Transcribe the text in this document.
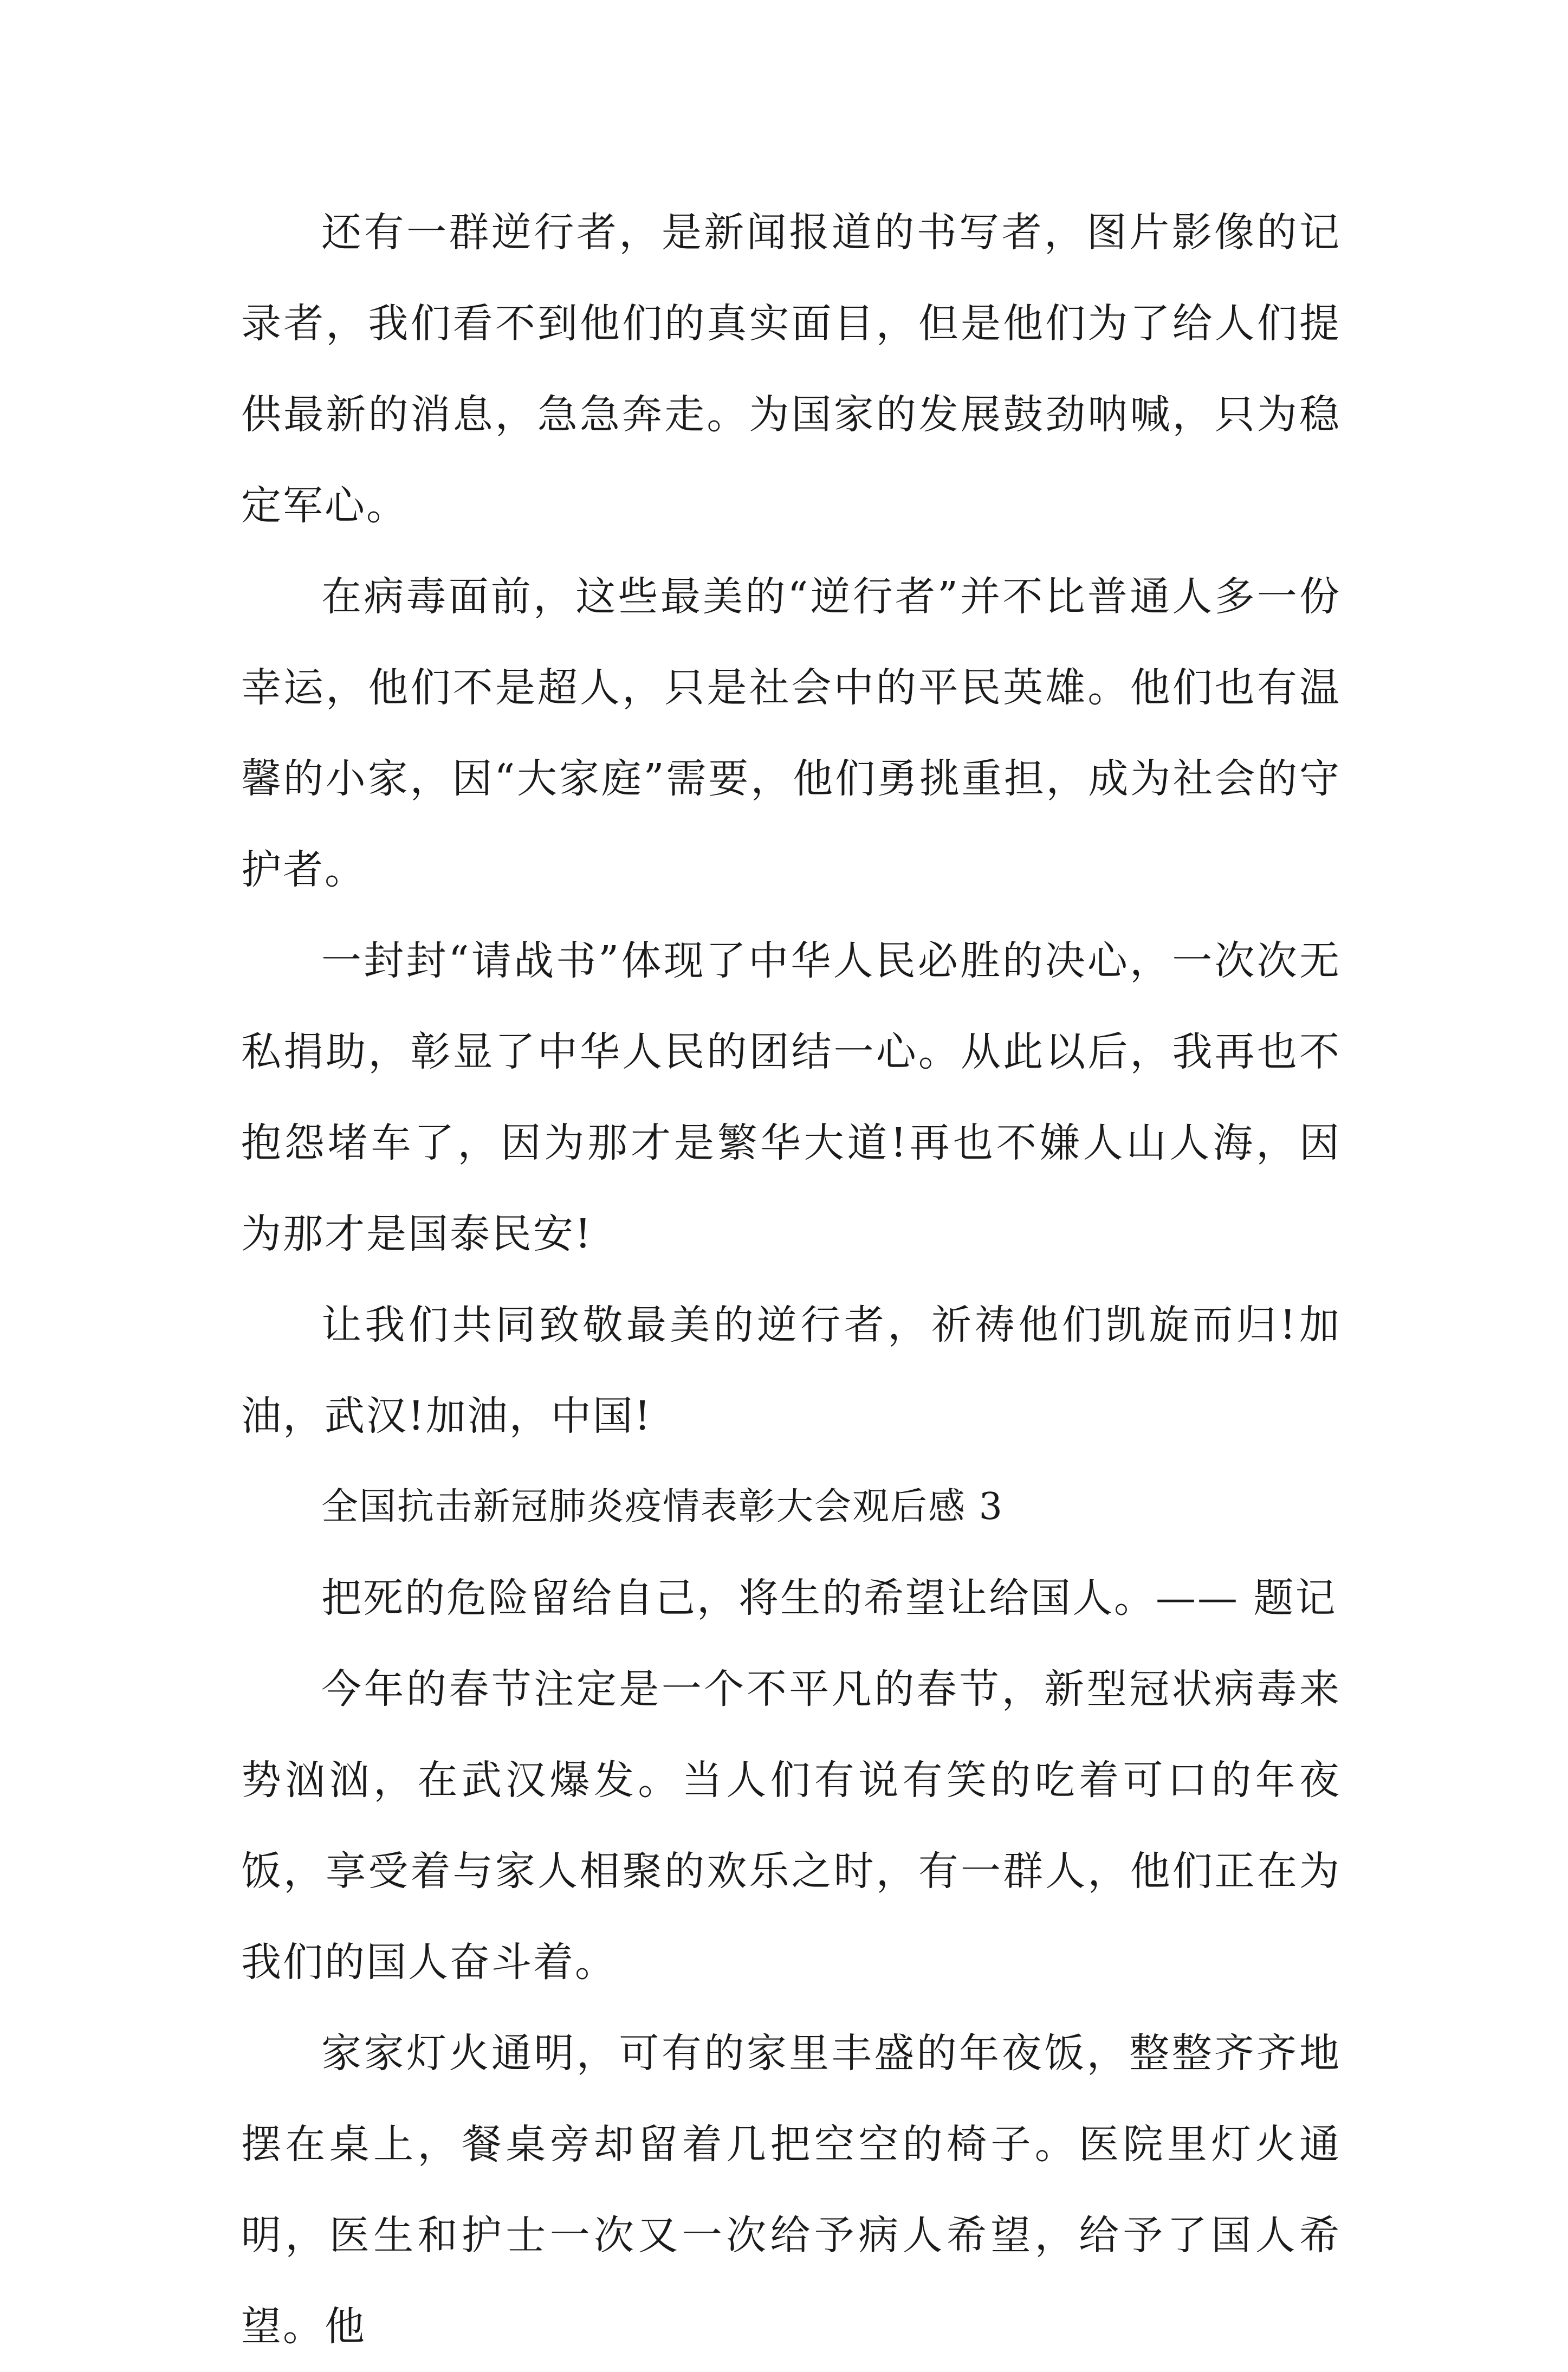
还有一群逆行者，是新闻报道的书写者，图片影像的记录者，我们看不到他们的真实面目，但是他们为了给人们提供最新的消息，急急奔走。为国家的发展鼓劲呐喊，只为稳定军心。

在病毒面前，这些最美的“逆行者”并不比普通人多一份幸运，他们不是超人，只是社会中的平民英雄。他们也有温馨的小家，因“大家庭”需要，他们勇挑重担，成为社会的守护者。

一封封“请战书”体现了中华人民必胜的决心，一次次无私捐助，彰显了中华人民的团结一心。从此以后，我再也不抱怨堵车了，因为那才是繁华大道!再也不嫌人山人海，因为那才是国泰民安!

让我们共同致敬最美的逆行者，祈祷他们凯旋而归!加油，武汉!加油，中国!

全国抗击新冠肺炎疫情表彰大会观后感 3

把死的危险留给自己，将生的希望让给国人。—— 题记

今年的春节注定是一个不平凡的春节，新型冠状病毒来势汹汹，在武汉爆发。当人们有说有笑的吃着可口的年夜饭，享受着与家人相聚的欢乐之时，有一群人，他们正在为我们的国人奋斗着。

家家灯火通明，可有的家里丰盛的年夜饭，整整齐齐地摆在桌上，餐桌旁却留着几把空空的椅子。医院里灯火通明，医生和护士一次又一次给予病人希望，给予了国人希望。他
